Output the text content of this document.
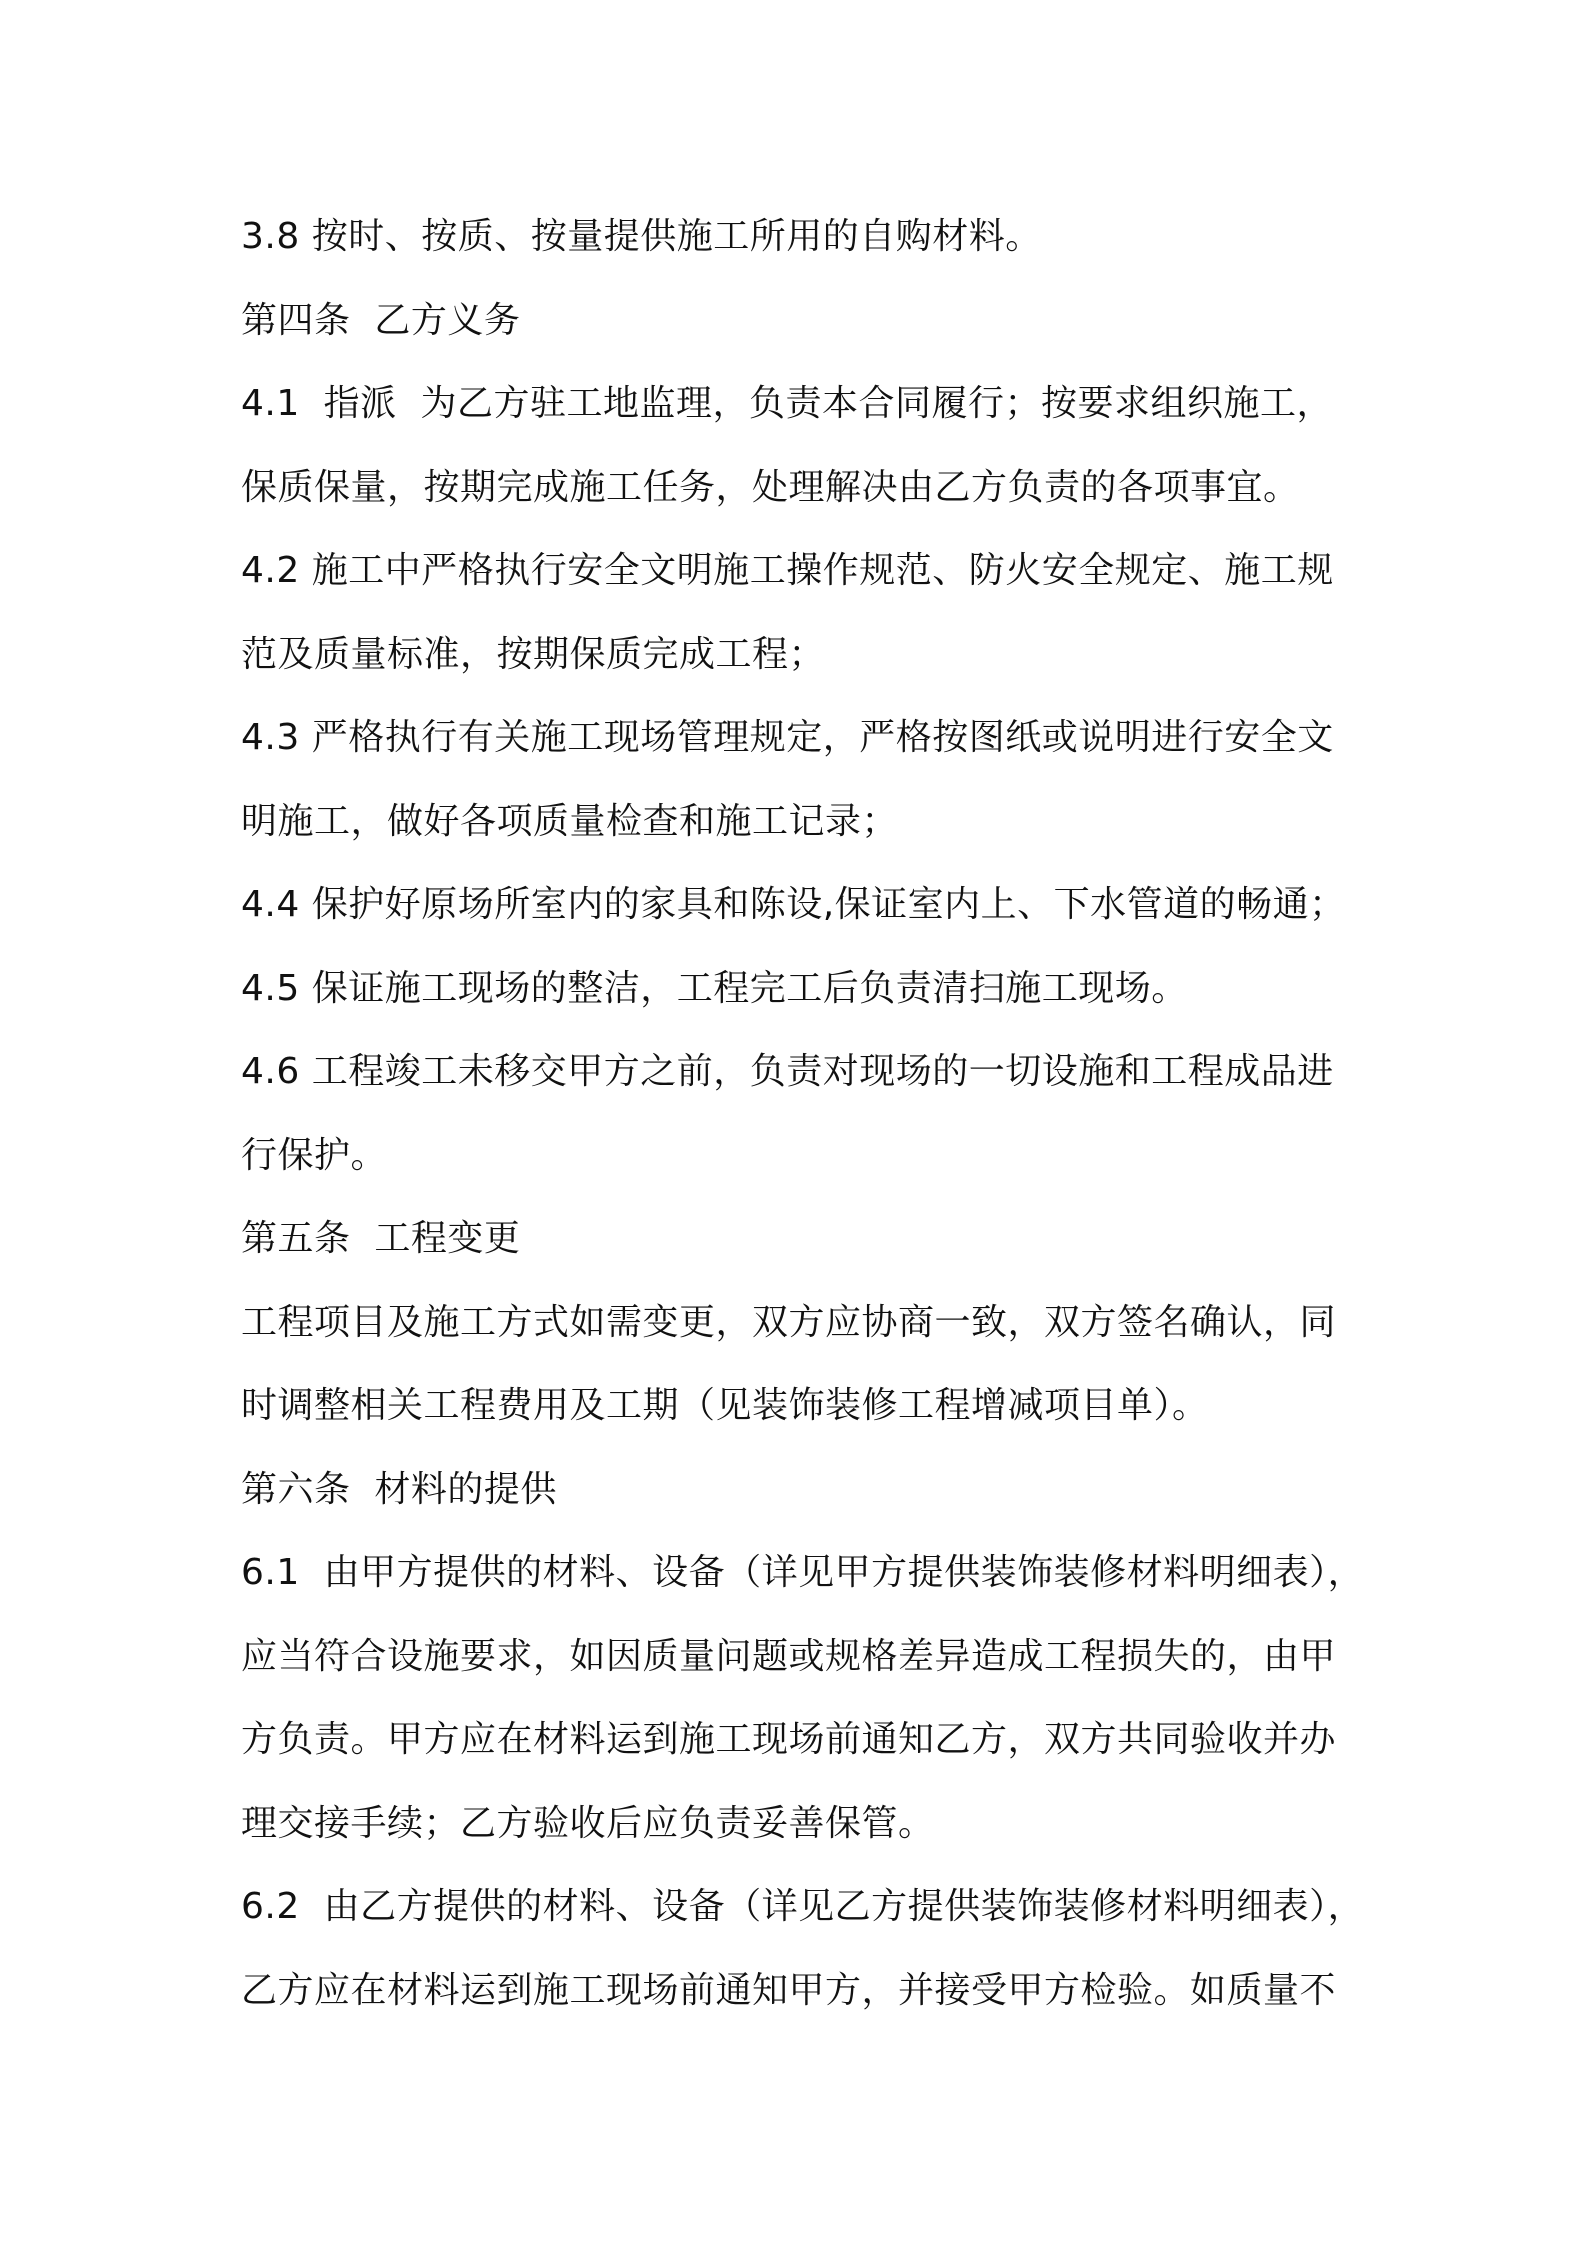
3.8 按时、按质、按量提供施工所用的自购材料。
第四条  乙方义务
4.1  指派  为乙方驻工地监理，负责本合同履行；按要求组织施工，
保质保量，按期完成施工任务，处理解决由乙方负责的各项事宜。
4.2 施工中严格执行安全文明施工操作规范、防火安全规定、施工规
范及质量标准，按期保质完成工程；
4.3 严格执行有关施工现场管理规定，严格按图纸或说明进行安全文
明施工，做好各项质量检查和施工记录；
4.4 保护好原场所室内的家具和陈设,保证室内上、下水管道的畅通；
4.5 保证施工现场的整洁，工程完工后负责清扫施工现场。
4.6 工程竣工未移交甲方之前，负责对现场的一切设施和工程成品进
行保护。
第五条  工程变更
工程项目及施工方式如需变更，双方应协商一致，双方签名确认，同
时调整相关工程费用及工期（见装饰装修工程增减项目单）。
第六条  材料的提供
6.1  由甲方提供的材料、设备（详见甲方提供装饰装修材料明细表），
应当符合设施要求，如因质量问题或规格差异造成工程损失的，由甲
方负责。甲方应在材料运到施工现场前通知乙方，双方共同验收并办
理交接手续；乙方验收后应负责妥善保管。
6.2  由乙方提供的材料、设备（详见乙方提供装饰装修材料明细表），
乙方应在材料运到施工现场前通知甲方，并接受甲方检验。如质量不
